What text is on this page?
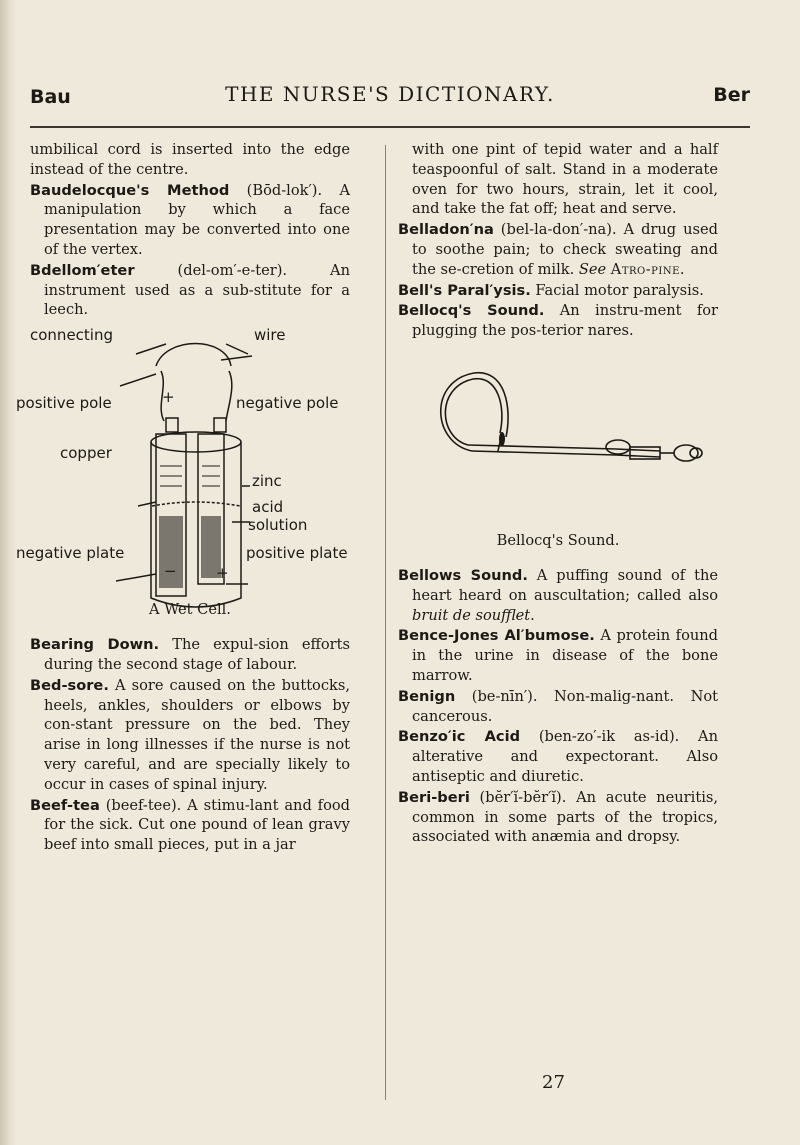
Bau	THE NURSE'S DICTIONARY.	Ber

umbilical cord is inserted into the edge instead of the centre.

Baudelocque's Method (Bōd-lok′). A manipulation by which a face presentation may be converted into one of the vertex.

Bdellom′eter (del-om′-e-ter). An instrument used as a sub-stitute for a leech.

connecting	wire
positive pole	+	negative pole
copper
zinc
acid
solution
negative plate	positive plate
−	+
A Wet Cell.

Bearing Down. The expul-sion efforts during the second stage of labour.

Bed-sore. A sore caused on the buttocks, heels, ankles, shoulders or elbows by con-stant pressure on the bed. They arise in long illnesses if the nurse is not very careful, and are specially likely to occur in cases of spinal injury.

Beef-tea (beef-tee). A stimu-lant and food for the sick. Cut one pound of lean gravy beef into small pieces, put in a jar

with one pint of tepid water and a half teaspoonful of salt. Stand in a moderate oven for two hours, strain, let it cool, and take the fat off; heat and serve.

Belladon′na (bel-la-don′-na). A drug used to soothe pain; to check sweating and the se-cretion of milk. See Atro-pine.

Bell's Paral′ysis. Facial motor paralysis.

Bellocq's Sound. An instru-ment for plugging the pos-terior nares.

Bellocq's Sound.

Bellows Sound. A puffing sound of the heart heard on auscultation; called also bruit de soufflet.

Bence-Jones Al′bumose. A protein found in the urine in disease of the bone marrow.

Benign (be-nīn′). Non-malig-nant. Not cancerous.

Benzo′ic Acid (ben-zo′-ik as-id). An alterative and expectorant. Also antiseptic and diuretic.

Beri-beri (bĕr′ĭ-bĕr′ĭ). An acute neuritis, common in some parts of the tropics, associated with anæmia and dropsy.

27
